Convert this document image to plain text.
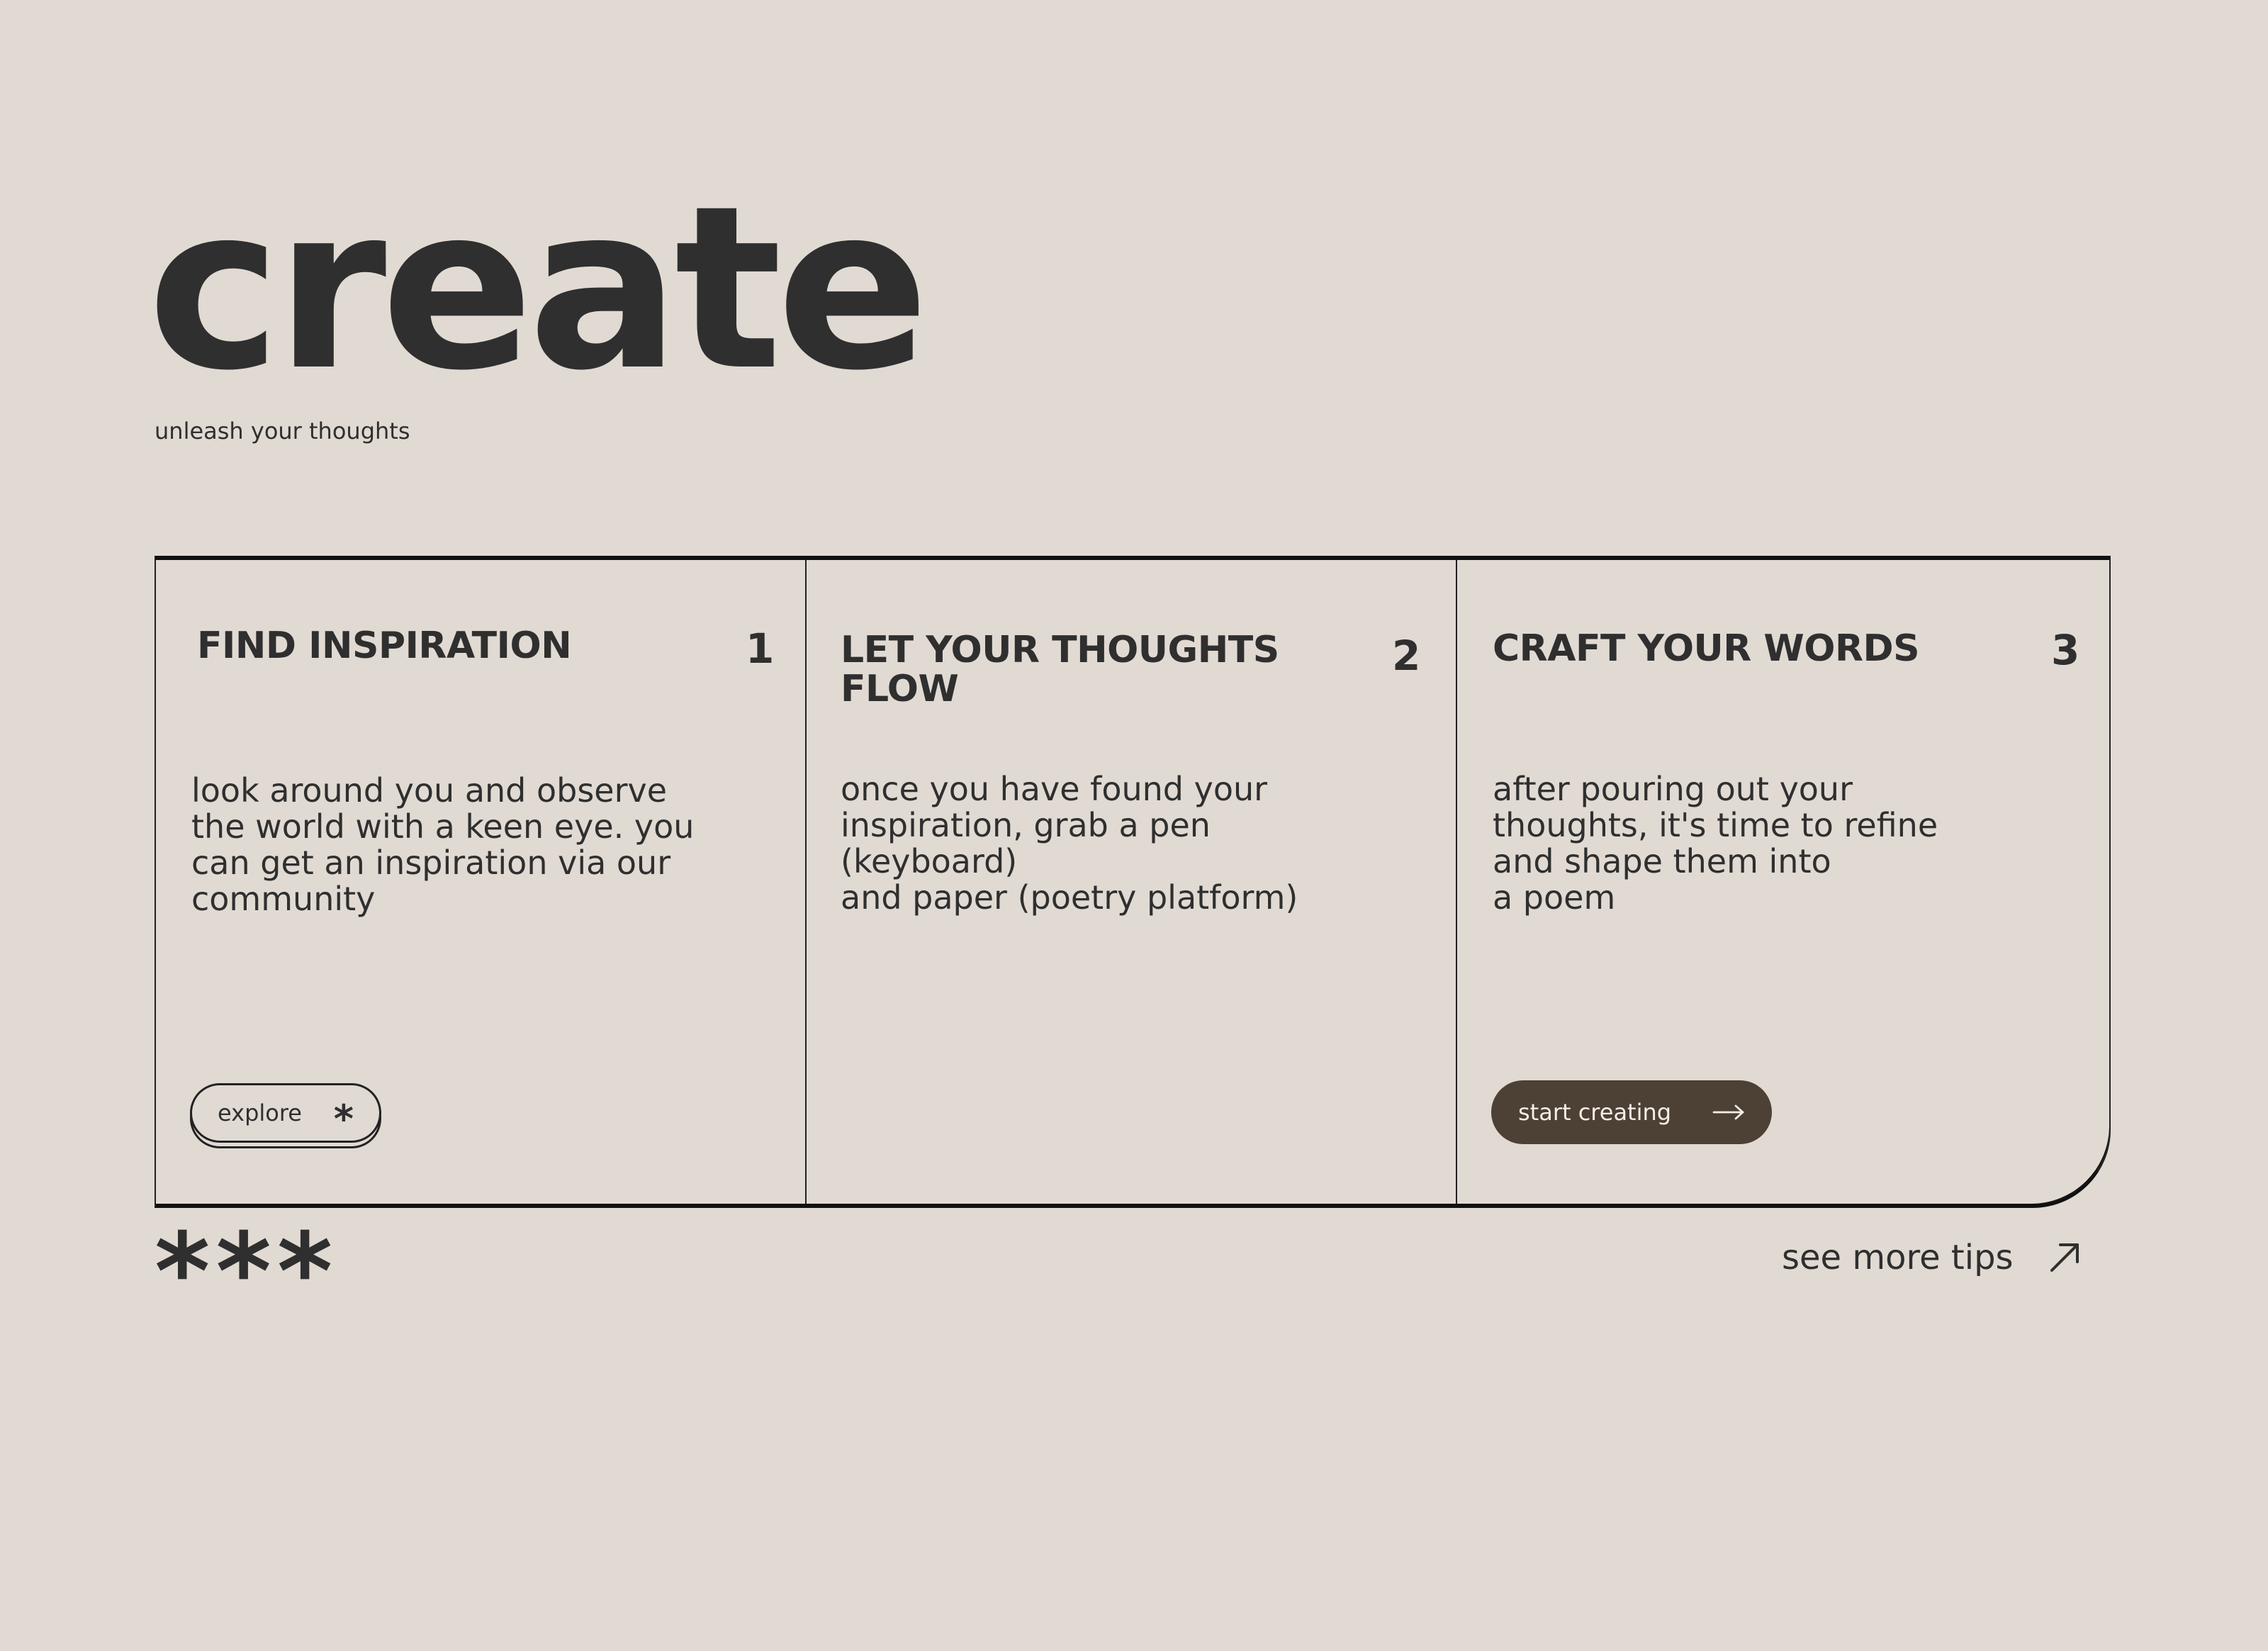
create

unleash your thoughts

FIND INSPIRATION	1

look around you and observe
the world with a keen eye. you
can get an inspiration via our
community

explore *
LET YOUR THOUGHTS
FLOW
2

once you have found your
inspiration, grab a pen
(keyboard)
and paper (poetry platform)

CRAFT YOUR WORDS	3

after pouring out your
thoughts, it's time to refine
and shape them into
a poem

start creating
***	see more tips
